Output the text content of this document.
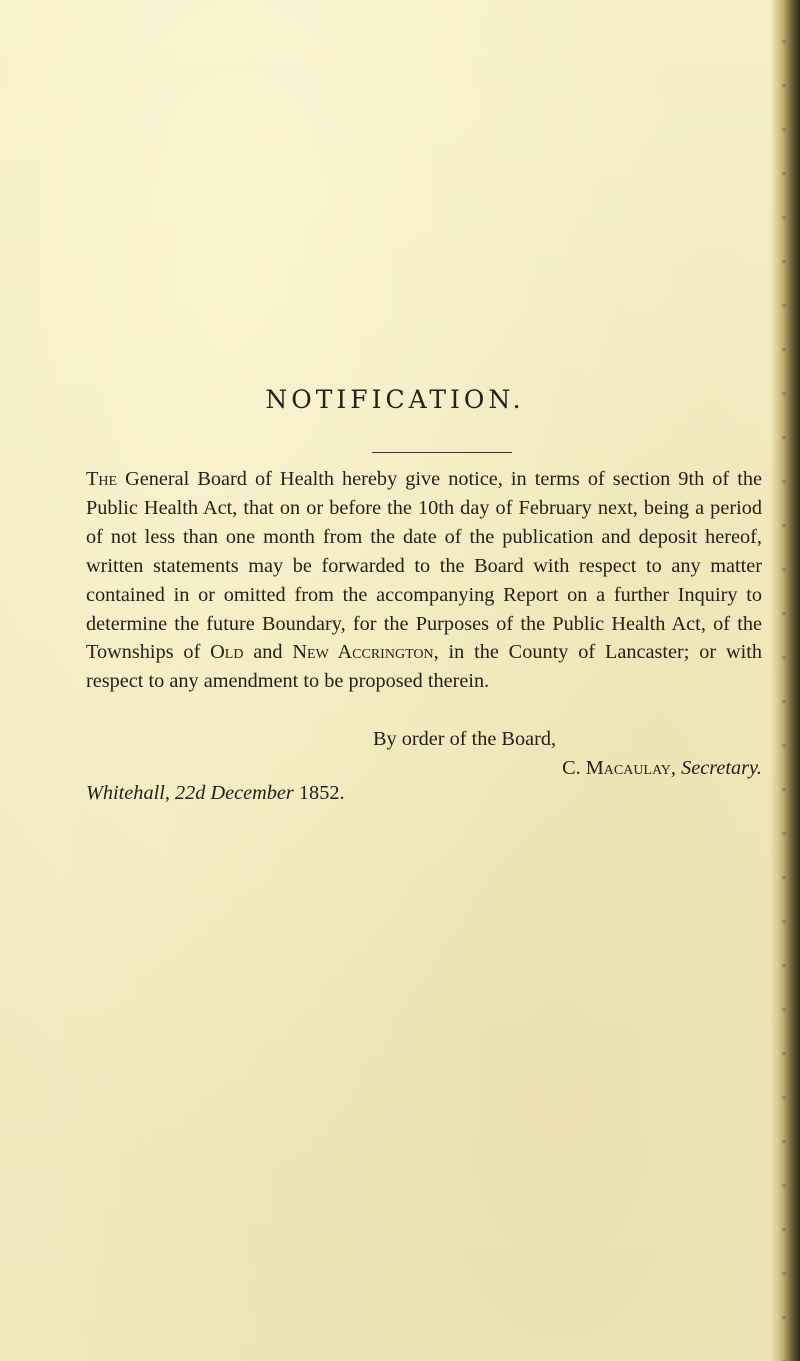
NOTIFICATION.

The General Board of Health hereby give notice, in terms of section 9th of the Public Health Act, that on or before the 10th day of February next, being a period of not less than one month from the date of the publication and deposit hereof, written statements may be forwarded to the Board with respect to any matter contained in or omitted from the accompanying Report on a further Inquiry to determine the future Boundary, for the Purposes of the Public Health Act, of the Townships of Old and New Accrington, in the County of Lancaster; or with respect to any amendment to be proposed therein.

By order of the Board,
C. Macaulay, Secretary.
Whitehall, 22d December 1852.
